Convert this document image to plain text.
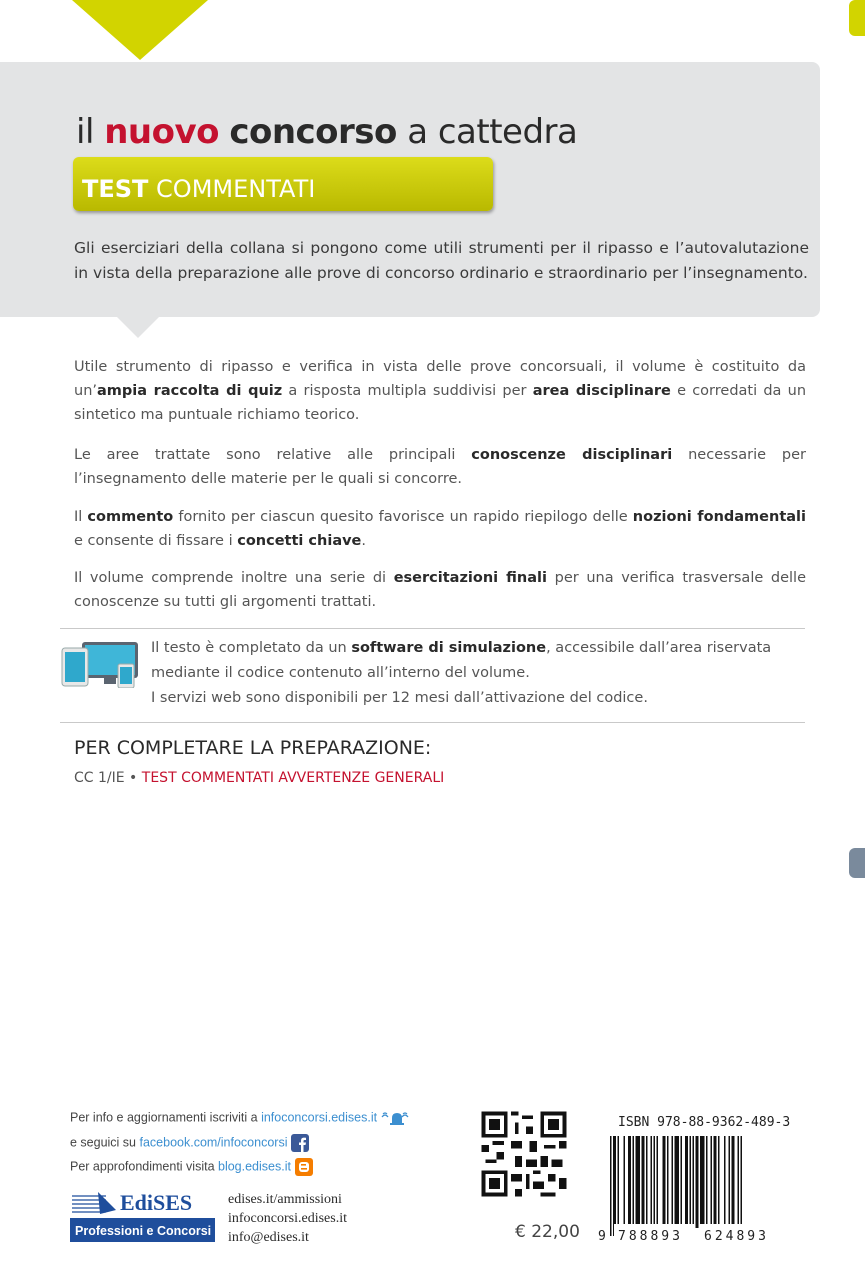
il nuovo concorso a cattedra
TEST COMMENTATI
Gli eserciziari della collana si pongono come utili strumenti per il ripasso e l’autovalutazione in vista della preparazione alle prove di concorso ordinario e straordinario per l’insegnamento.
Utile strumento di ripasso e verifica in vista delle prove concorsuali, il volume è costituito da un’ampia raccolta di quiz a risposta multipla suddivisi per area disciplinare e corredati da un sintetico ma puntuale richiamo teorico.
Le aree trattate sono relative alle principali conoscenze disciplinari necessarie per l’insegnamento delle materie per le quali si concorre.
Il commento fornito per ciascun quesito favorisce un rapido riepilogo delle nozioni fondamentali e consente di fissare i concetti chiave.
Il volume comprende inoltre una serie di esercitazioni finali per una verifica trasversale delle conoscenze su tutti gli argomenti trattati.
Il testo è completato da un software di simulazione, accessibile dall’area riservata
mediante il codice contenuto all’interno del volume.
I servizi web sono disponibili per 12 mesi dall’attivazione del codice.
PER COMPLETARE LA PREPARAZIONE:
CC 1/IE • TEST COMMENTATI AVVERTENZE GENERALI
Per info e aggiornamenti iscriviti a infoconcorsi.edises.it
e seguici su facebook.com/infoconcorsi
Per approfondimenti visita blog.edises.it
EdiSES
Professioni e Concorsi
edises.it/ammissioni
infoconcorsi.edises.it
info@edises.it	€ 22,00
ISBN 978-88-9362-489-3
9 788893 624893
